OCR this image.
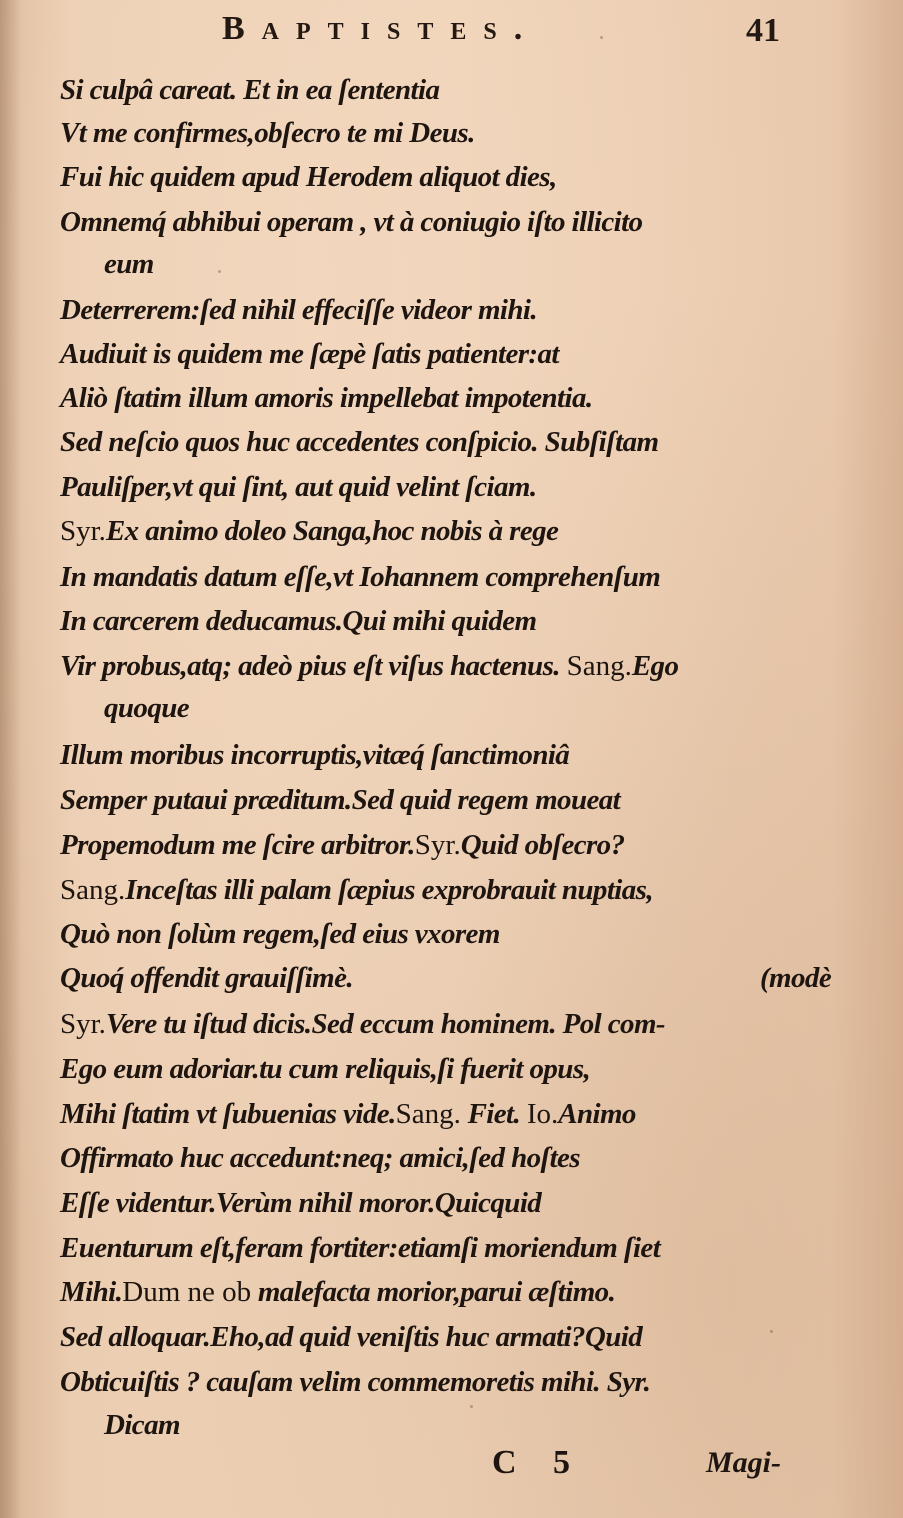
Baptistes.	41
Si culpâ careat. Et in ea ſententia
Vt me confirmes,obſecro te mi Deus.
Fui hic quidem apud Herodem aliquot dies,
Omnemq́ abhibui operam , vt à coniugio iſto illicito
eum
Deterrerem:ſed nihil effeciſſe videor mihi.
Audiuit is quidem me ſæpè ſatis patienter:at
Aliò ſtatim illum amoris impellebat impotentia.
Sed neſcio quos huc accedentes conſpicio. Subſiſtam
Pauliſper,vt qui ſint, aut quid velint ſciam.
Syr.Ex animo doleo Sanga,hoc nobis à rege
In mandatis datum eſſe,vt Iohannem comprehenſum
In carcerem deducamus.Qui mihi quidem
Vir probus,atq; adeò pius eſt viſus hactenus. Sang.Ego
quoque
Illum moribus incorruptis,vitæq́ ſanctimoniâ
Semper putaui præditum.Sed quid regem moueat
Propemodum me ſcire arbitror.Syr.Quid obſecro?
Sang.Inceſtas illi palam ſæpius exprobrauit nuptias,
Quò non ſolùm regem,ſed eius vxorem
Quoq́ offendit grauiſſimè.	(modè
Syr.Vere tu iſtud dicis.Sed eccum hominem. Pol com-
Ego eum adoriar.tu cum reliquis,ſi fuerit opus,
Mihi ſtatim vt ſubuenias vide.Sang. Fiet. Io.Animo
Offirmato huc accedunt:neq; amici,ſed hoſtes
Eſſe videntur.Verùm nihil moror.Quicquid
Euenturum eſt,feram fortiter:etiamſi moriendum ſiet
Mihi.Dum ne ob malefacta morior,parui æſtimo.
Sed alloquar.Eho,ad quid veniſtis huc armati?Quid
Obticuiſtis ? cauſam velim commemoretis mihi. Syr.
Dicam
C 5	Magi-
